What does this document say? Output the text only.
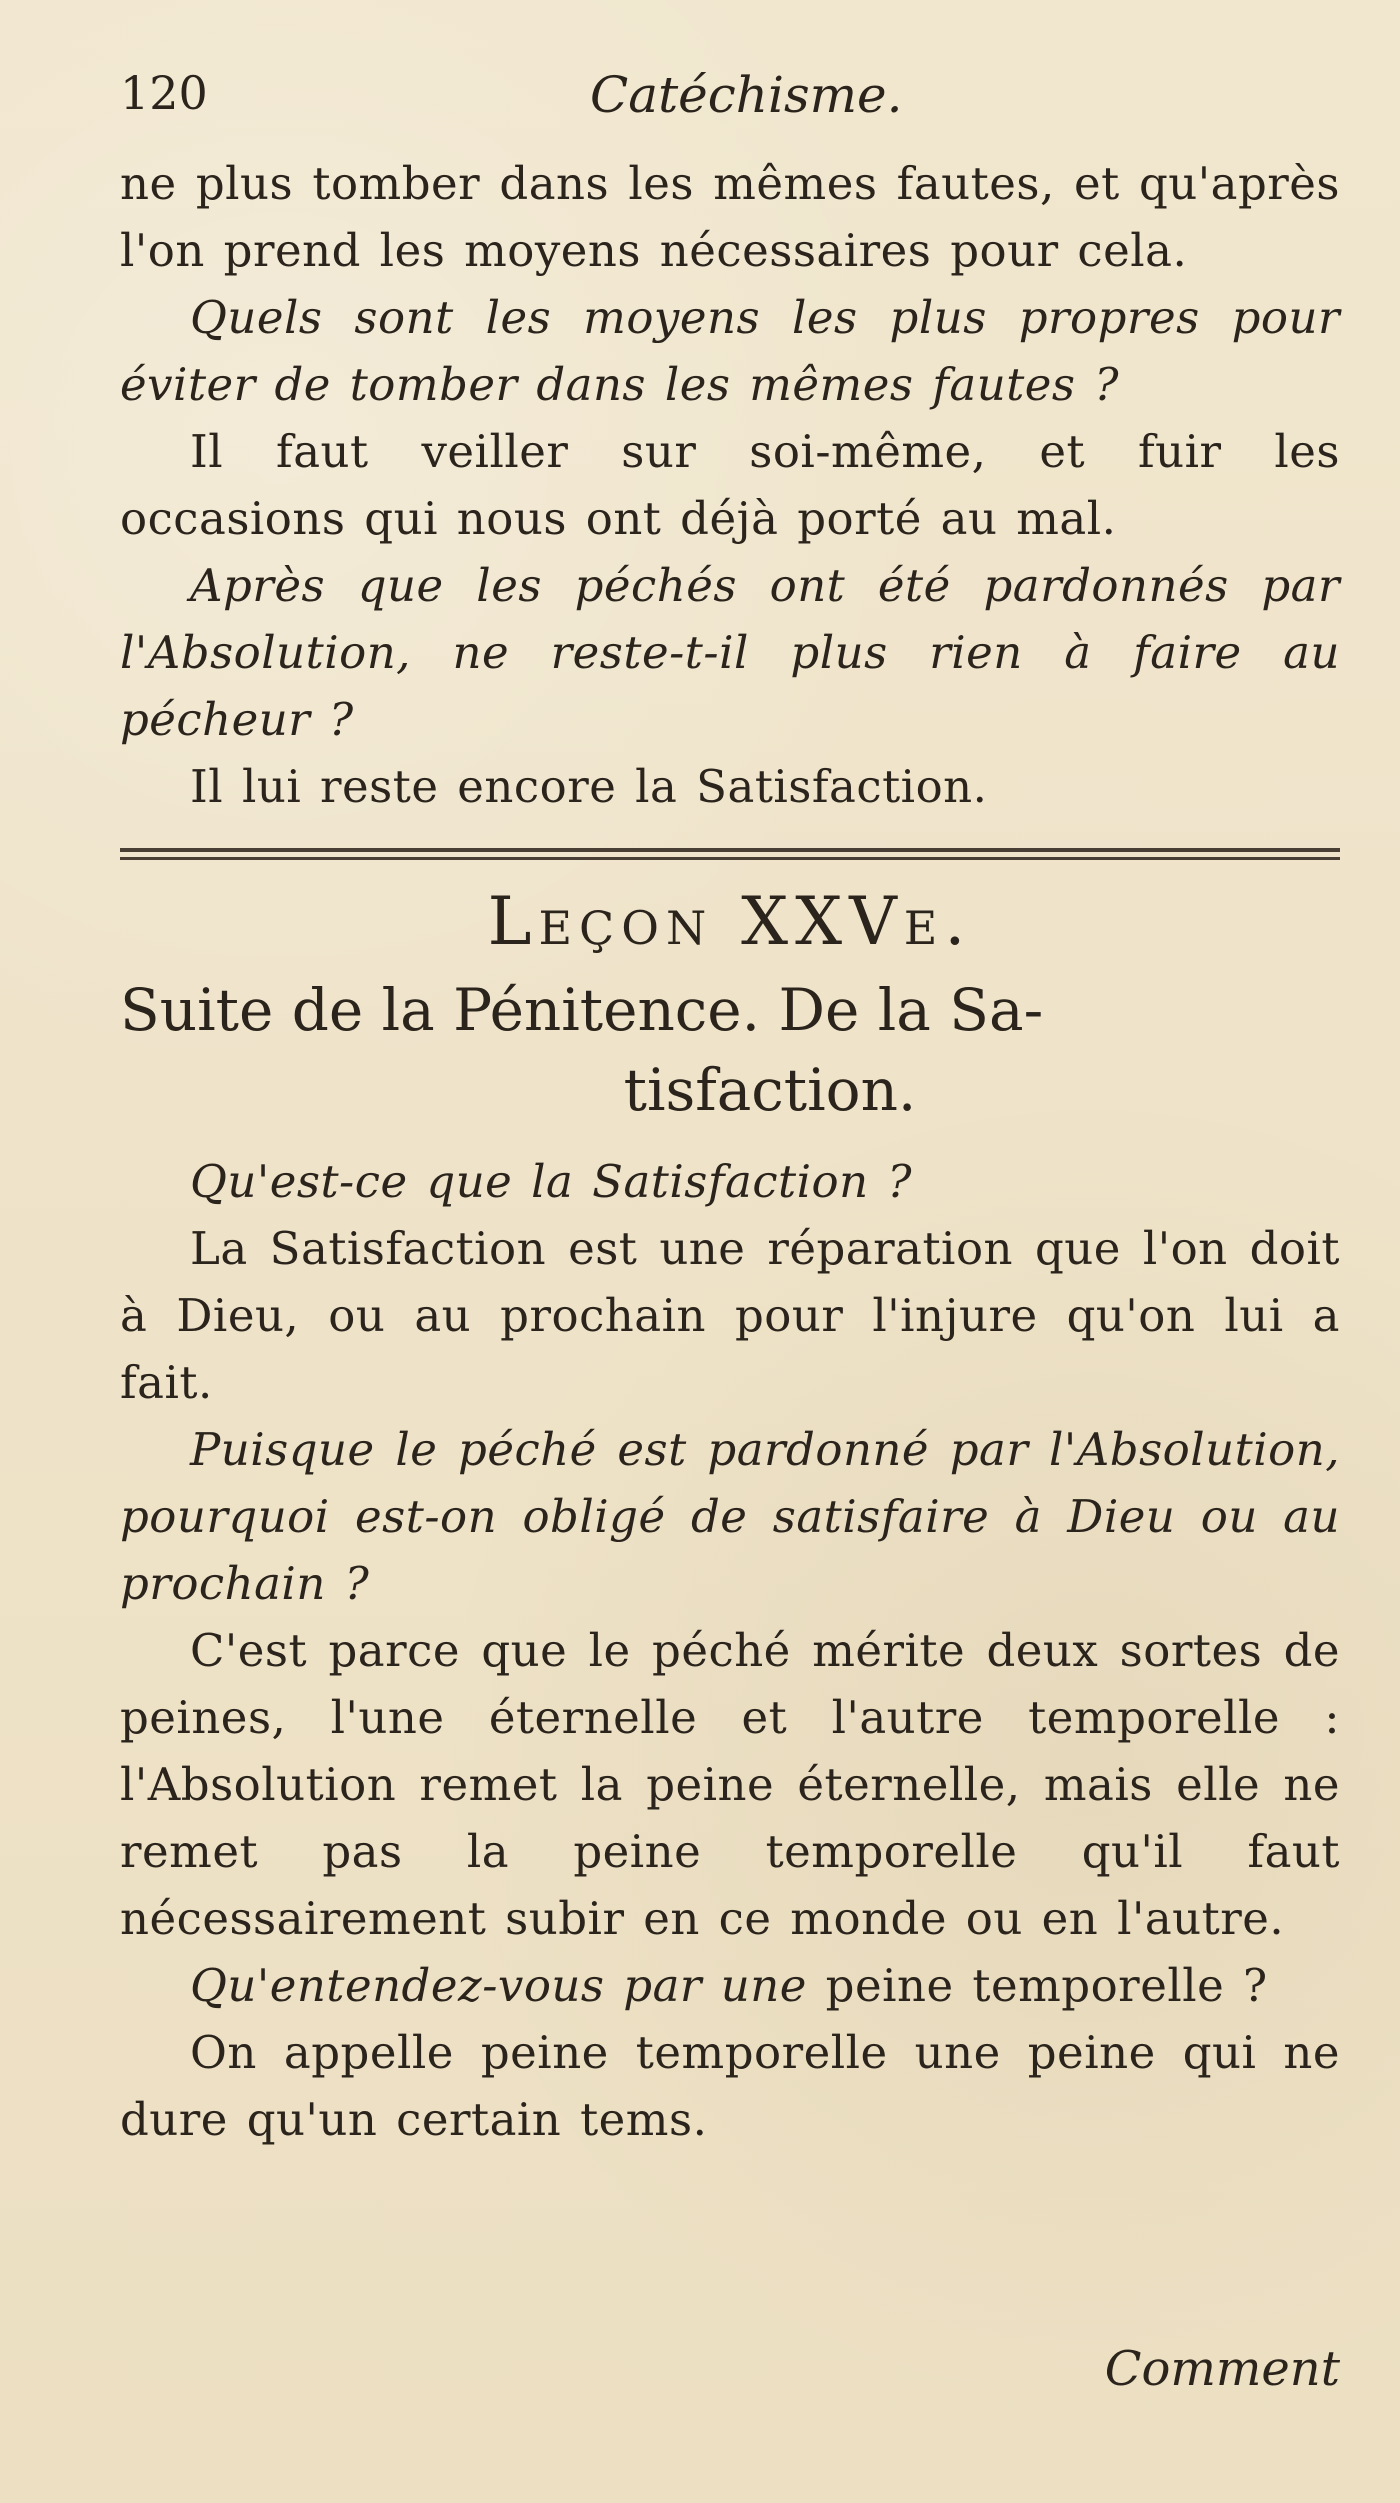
120	Catéchisme.

ne plus tomber dans les mêmes fautes, et qu'après l'on prend les moyens nécessaires pour cela.

Quels sont les moyens les plus propres pour éviter de tomber dans les mêmes fautes ?

Il faut veiller sur soi-même, et fuir les occasions qui nous ont déjà porté au mal.

Après que les péchés ont été pardonnés par l'Absolution, ne reste-t-il plus rien à faire au pécheur ?

Il lui reste encore la Satisfaction.

Leçon XXVe.
Suite de la Pénitence. De la Sa-
tisfaction.

Qu'est-ce que la Satisfaction ?

La Satisfaction est une réparation que l'on doit à Dieu, ou au prochain pour l'injure qu'on lui a fait.

Puisque le péché est pardonné par l'Absolution, pourquoi est-on obligé de satisfaire à Dieu ou au prochain ?

C'est parce que le péché mérite deux sortes de peines, l'une éternelle et l'autre temporelle : l'Absolution remet la peine éternelle, mais elle ne remet pas la peine temporelle qu'il faut nécessairement subir en ce monde ou en l'autre.

Qu'entendez-vous par une peine temporelle ?

On appelle peine temporelle une peine qui ne dure qu'un certain tems.

Comment
